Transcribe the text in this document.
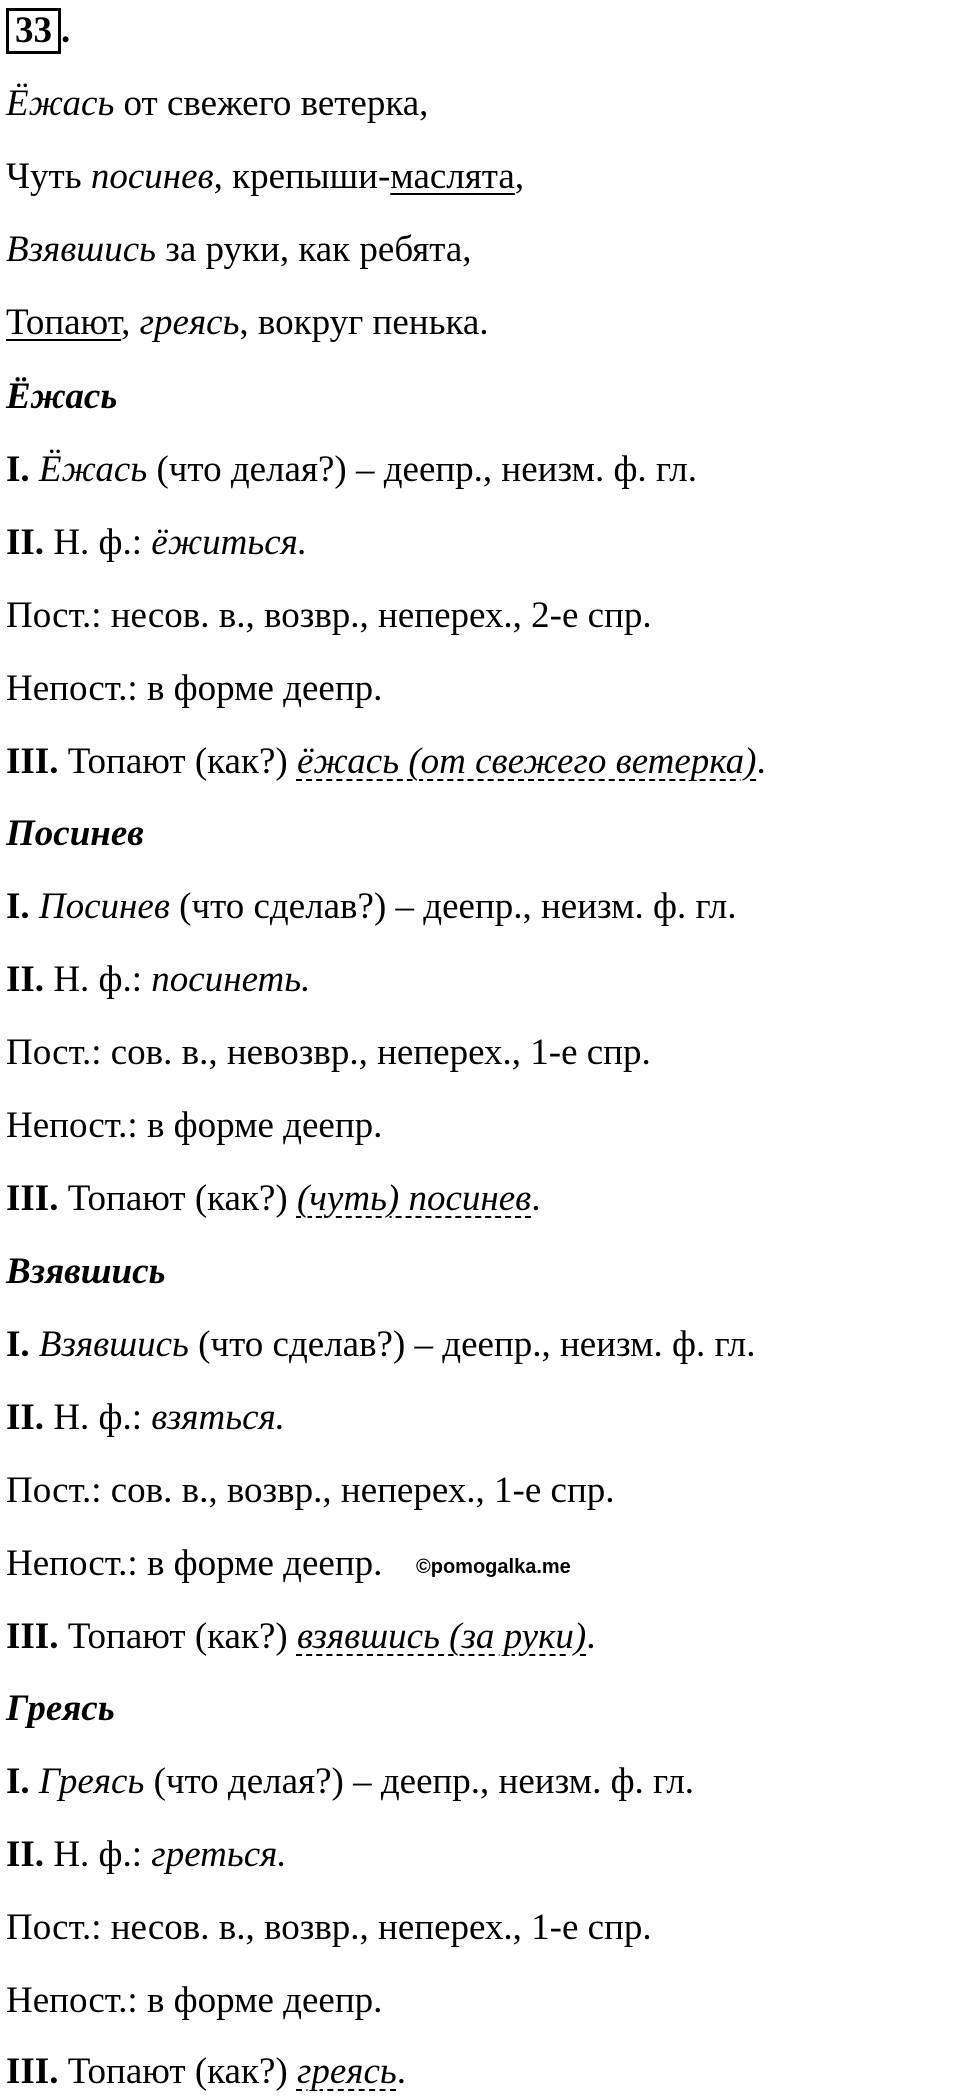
33 .
Ёжась от свежего ветерка,
Чуть посинев, крепыши-маслята,
Взявшись за руки, как ребята,
Топают, греясь, вокруг пенька.
Ёжась
I. Ёжась (что делая?) – деепр., неизм. ф. гл.
II. Н. ф.: ёжиться.
Пост.: несов. в., возвр., неперех., 2-е спр.
Непост.: в форме деепр.
III. Топают (как?) ёжась (от свежего ветерка).
Посинев
I. Посинев (что сделав?) – деепр., неизм. ф. гл.
II. Н. ф.: посинеть.
Пост.: сов. в., невозвр., неперех., 1-е спр.
Непост.: в форме деепр.
III. Топают (как?) (чуть) посинев.
Взявшись
I. Взявшись (что сделав?) – деепр., неизм. ф. гл.
II. Н. ф.: взяться.
Пост.: сов. в., возвр., неперех., 1-е спр.
Непост.: в форме деепр. ©pomogalka.me
III. Топают (как?) взявшись (за руки).
Греясь
I. Греясь (что делая?) – деепр., неизм. ф. гл.
II. Н. ф.: греться.
Пост.: несов. в., возвр., неперех., 1-е спр.
Непост.: в форме деепр.
III. Топают (как?) греясь.
